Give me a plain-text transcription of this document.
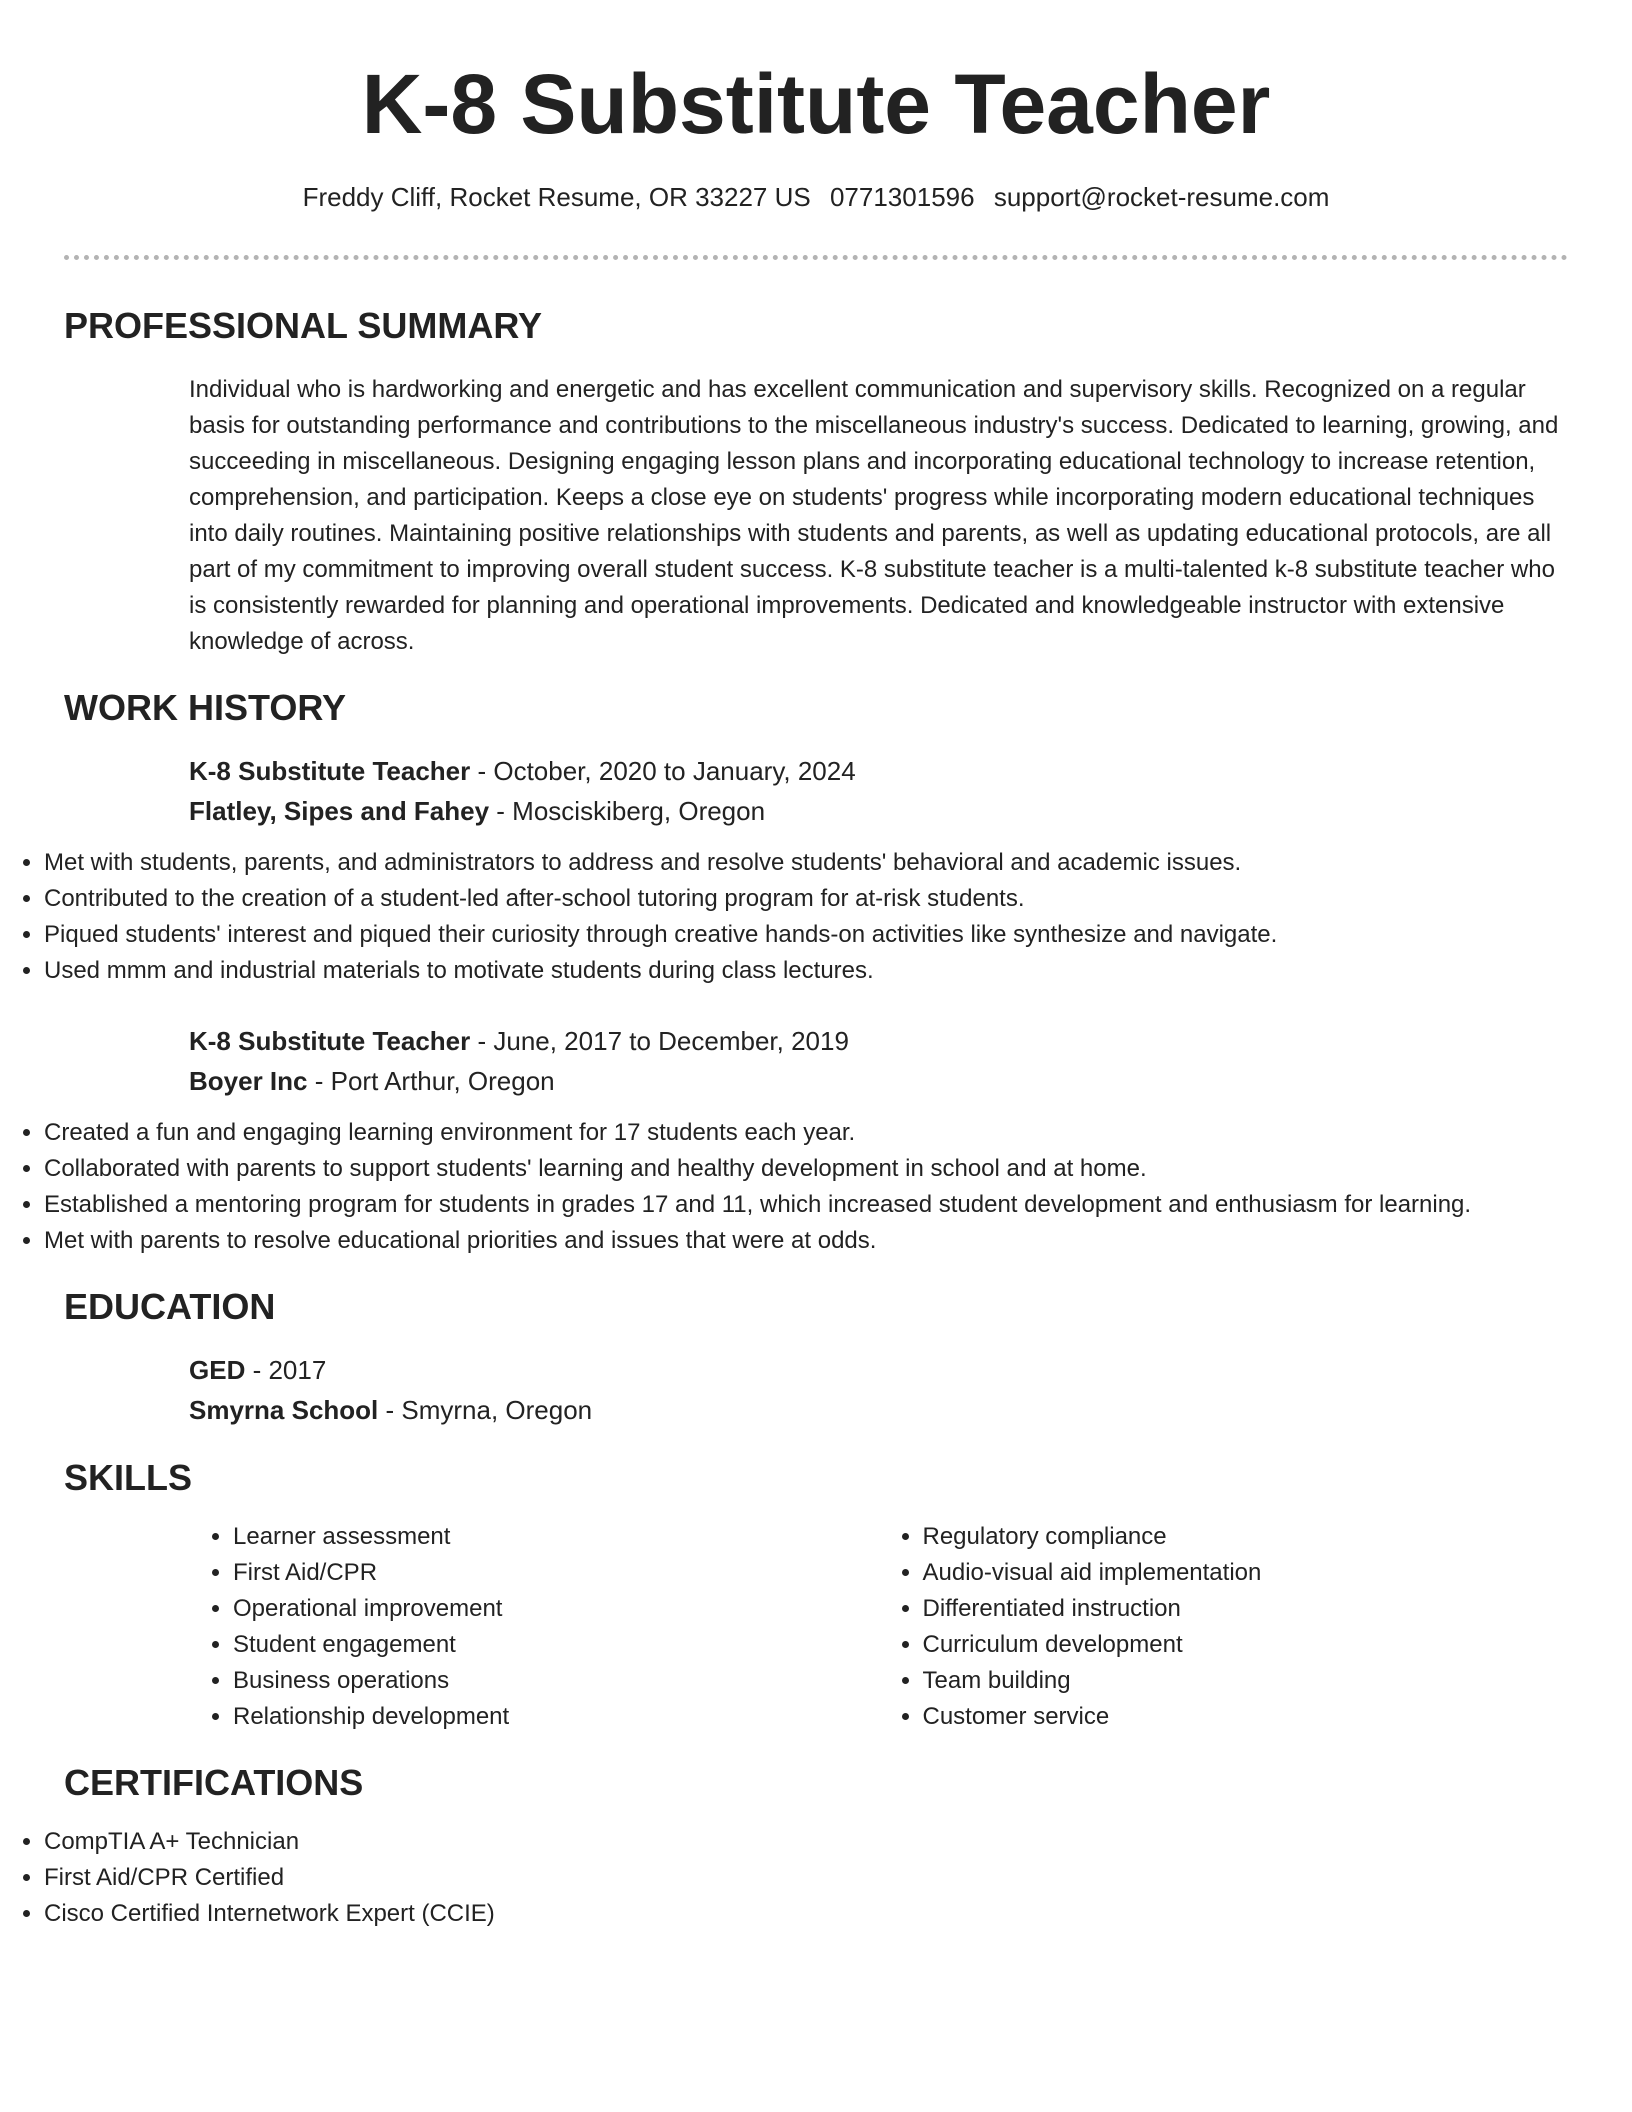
K-8 Substitute Teacher
Freddy Cliff, Rocket Resume, OR 33227 US 0771301596 support@rocket-resume.com
PROFESSIONAL SUMMARY

Individual who is hardworking and energetic and has excellent communication and supervisory skills. Recognized on a regular basis for outstanding performance and contributions to the miscellaneous industry's success. Dedicated to learning, growing, and succeeding in miscellaneous. Designing engaging lesson plans and incorporating educational technology to increase retention, comprehension, and participation. Keeps a close eye on students' progress while incorporating modern educational techniques into daily routines. Maintaining positive relationships with students and parents, as well as updating educational protocols, are all part of my commitment to improving overall student success. K-8 substitute teacher is a multi-talented k-8 substitute teacher who is consistently rewarded for planning and operational improvements. Dedicated and knowledgeable instructor with extensive knowledge of across.

WORK HISTORY
K-8 Substitute Teacher - October, 2020 to January, 2024
Flatley, Sipes and Fahey - Mosciskiberg, Oregon
• Met with students, parents, and administrators to address and resolve students' behavioral and academic issues.
• Contributed to the creation of a student-led after-school tutoring program for at-risk students.
• Piqued students' interest and piqued their curiosity through creative hands-on activities like synthesize and navigate.
• Used mmm and industrial materials to motivate students during class lectures.
K-8 Substitute Teacher - June, 2017 to December, 2019
Boyer Inc - Port Arthur, Oregon
• Created a fun and engaging learning environment for 17 students each year.
• Collaborated with parents to support students' learning and healthy development in school and at home.
• Established a mentoring program for students in grades 17 and 11, which increased student development and enthusiasm for learning.
• Met with parents to resolve educational priorities and issues that were at odds.
EDUCATION
GED - 2017
Smyrna School - Smyrna, Oregon
SKILLS
• Learner assessment
• First Aid/CPR
• Operational improvement
• Student engagement
• Business operations
• Relationship development
• Regulatory compliance
• Audio-visual aid implementation
• Differentiated instruction
• Curriculum development
• Team building
• Customer service
CERTIFICATIONS
• CompTIA A+ Technician
• First Aid/CPR Certified
• Cisco Certified Internetwork Expert (CCIE)
